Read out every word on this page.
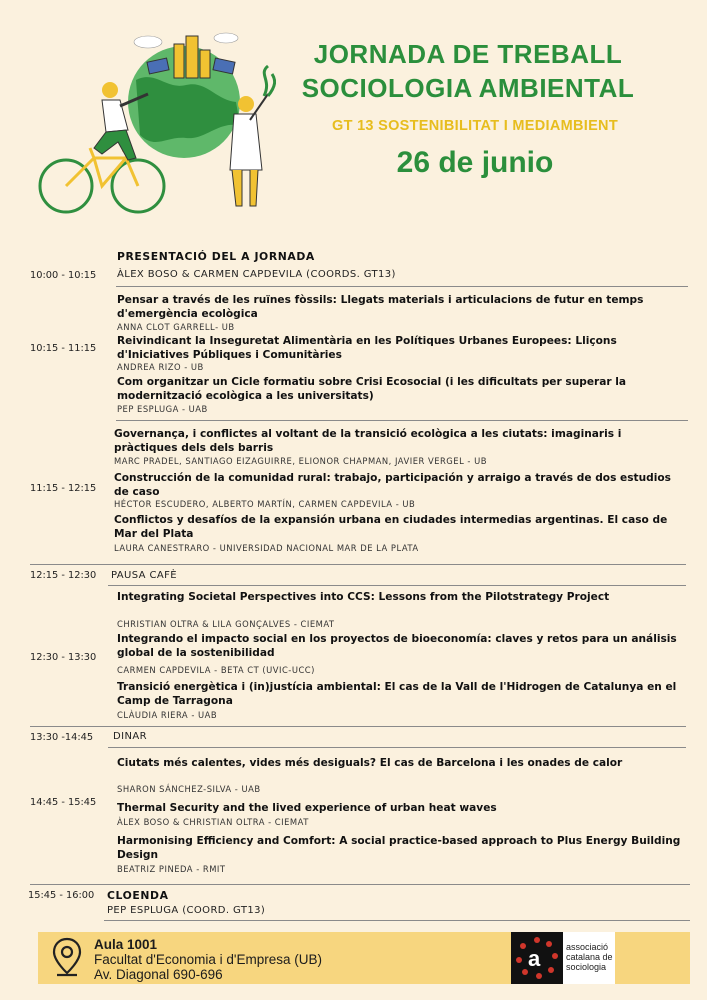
JORNADA DE TREBALL
SOCIOLOGIA AMBIENTAL
GT 13 SOSTENIBILITAT I MEDIAMBIENT
26 de junio
PRESENTACIÓ DEL A JORNADA
10:00 - 10:15 ÀLEX BOSO & CARMEN CAPDEVILA (COORDS. GT13)
10:15 - 11:15
Pensar a través de les ruïnes fòssils: Llegats materials i articulacions de futur en temps d'emergència ecològica
ANNA CLOT GARRELL- UB
Reivindicant la Inseguretat Alimentària en les Polítiques Urbanes Europees: Lliçons d'Iniciatives Públiques i Comunitàries
ANDREA RIZO - UB
Com organitzar un Cicle formatiu sobre Crisi Ecosocial (i les dificultats per superar la modernització ecològica a les universitats)
PEP ESPLUGA - UAB
11:15 - 12:15
Governança, i conflictes al voltant de la transició ecològica a les ciutats: imaginaris i pràctiques dels dels barris
MARC PRADEL, SANTIAGO EIZAGUIRRE, ELIONOR CHAPMAN, JAVIER VERGEL - UB
Construcción de la comunidad rural: trabajo, participación y arraigo a través de dos estudios de caso
HÉCTOR ESCUDERO, ALBERTO MARTÍN, CARMEN CAPDEVILA - UB
Conflictos y desafíos de la expansión urbana en ciudades intermedias argentinas. El caso de Mar del Plata
LAURA CANESTRARO - UNIVERSIDAD NACIONAL MAR DE LA PLATA
12:15 - 12:30 PAUSA CAFÈ
12:30 - 13:30
Integrating Societal Perspectives into CCS: Lessons from the Pilotstrategy Project
CHRISTIAN OLTRA & LILA GONÇALVES - CIEMAT
Integrando el impacto social en los proyectos de bioeconomía: claves y retos para un análisis global de la sostenibilidad
CARMEN CAPDEVILA - BETA CT (UVIC-UCC)
Transició energètica i (in)justícia ambiental: El cas de la Vall de l'Hidrogen de Catalunya en el Camp de Tarragona
CLÀUDIA RIERA - UAB
13:30 -14:45 DINAR
14:45 - 15:45
Ciutats més calentes, vides més desiguals? El cas de Barcelona i les onades de calor
SHARON SÁNCHEZ-SILVA - UAB
Thermal Security and the lived experience of urban heat waves
ÀLEX BOSO & CHRISTIAN OLTRA - CIEMAT
Harmonising Efficiency and Comfort: A social practice-based approach to Plus Energy Building Design
BEATRIZ PINEDA - RMIT
15:45 - 16:00 CLOENDA
PEP ESPLUGA (COORD. GT13)
Aula 1001
Facultat d'Economia i d'Empresa (UB)
Av. Diagonal 690-696
a	associació
catalana de
sociologia
